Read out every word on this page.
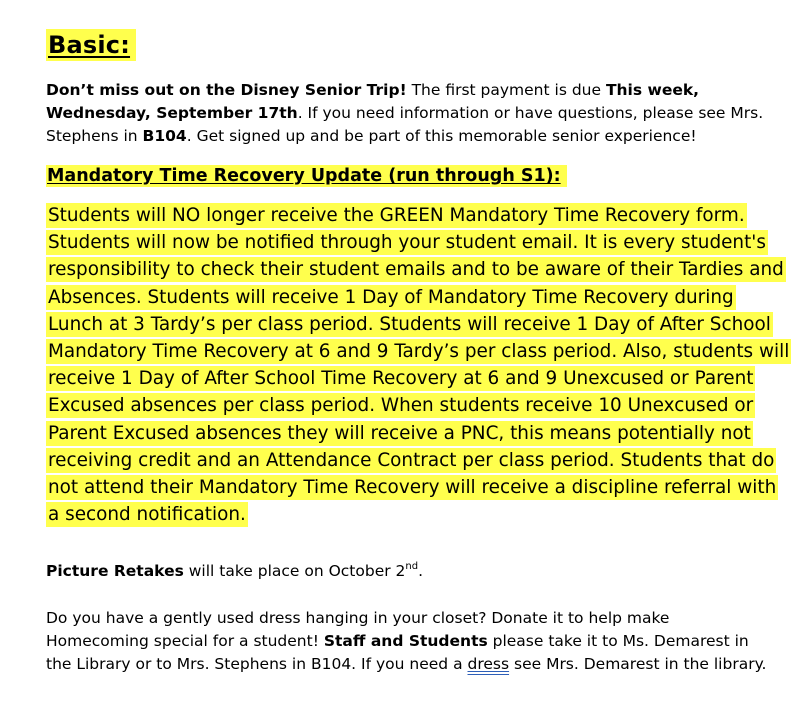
Basic:

Don’t miss out on the Disney Senior Trip! The first payment is due This week, Wednesday, September 17th. If you need information or have questions, please see Mrs. Stephens in B104. Get signed up and be part of this memorable senior experience!

Mandatory Time Recovery Update (run through S1):

Students will NO longer receive the GREEN Mandatory Time Recovery form. Students will now be notified through your student email. It is every student's responsibility to check their student emails and to be aware of their Tardies and Absences. Students will receive 1 Day of Mandatory Time Recovery during Lunch at 3 Tardy’s per class period. Students will receive 1 Day of After School Mandatory Time Recovery at 6 and 9 Tardy’s per class period. Also, students will receive 1 Day of After School Time Recovery at 6 and 9 Unexcused or Parent Excused absences per class period. When students receive 10 Unexcused or Parent Excused absences they will receive a PNC, this means potentially not receiving credit and an Attendance Contract per class period. Students that do not attend their Mandatory Time Recovery will receive a discipline referral with a second notification.

Picture Retakes will take place on October 2nd.

Do you have a gently used dress hanging in your closet? Donate it to help make Homecoming special for a student! Staff and Students please take it to Ms. Demarest in the Library or to Mrs. Stephens in B104. If you need a dress see Mrs. Demarest in the library.
